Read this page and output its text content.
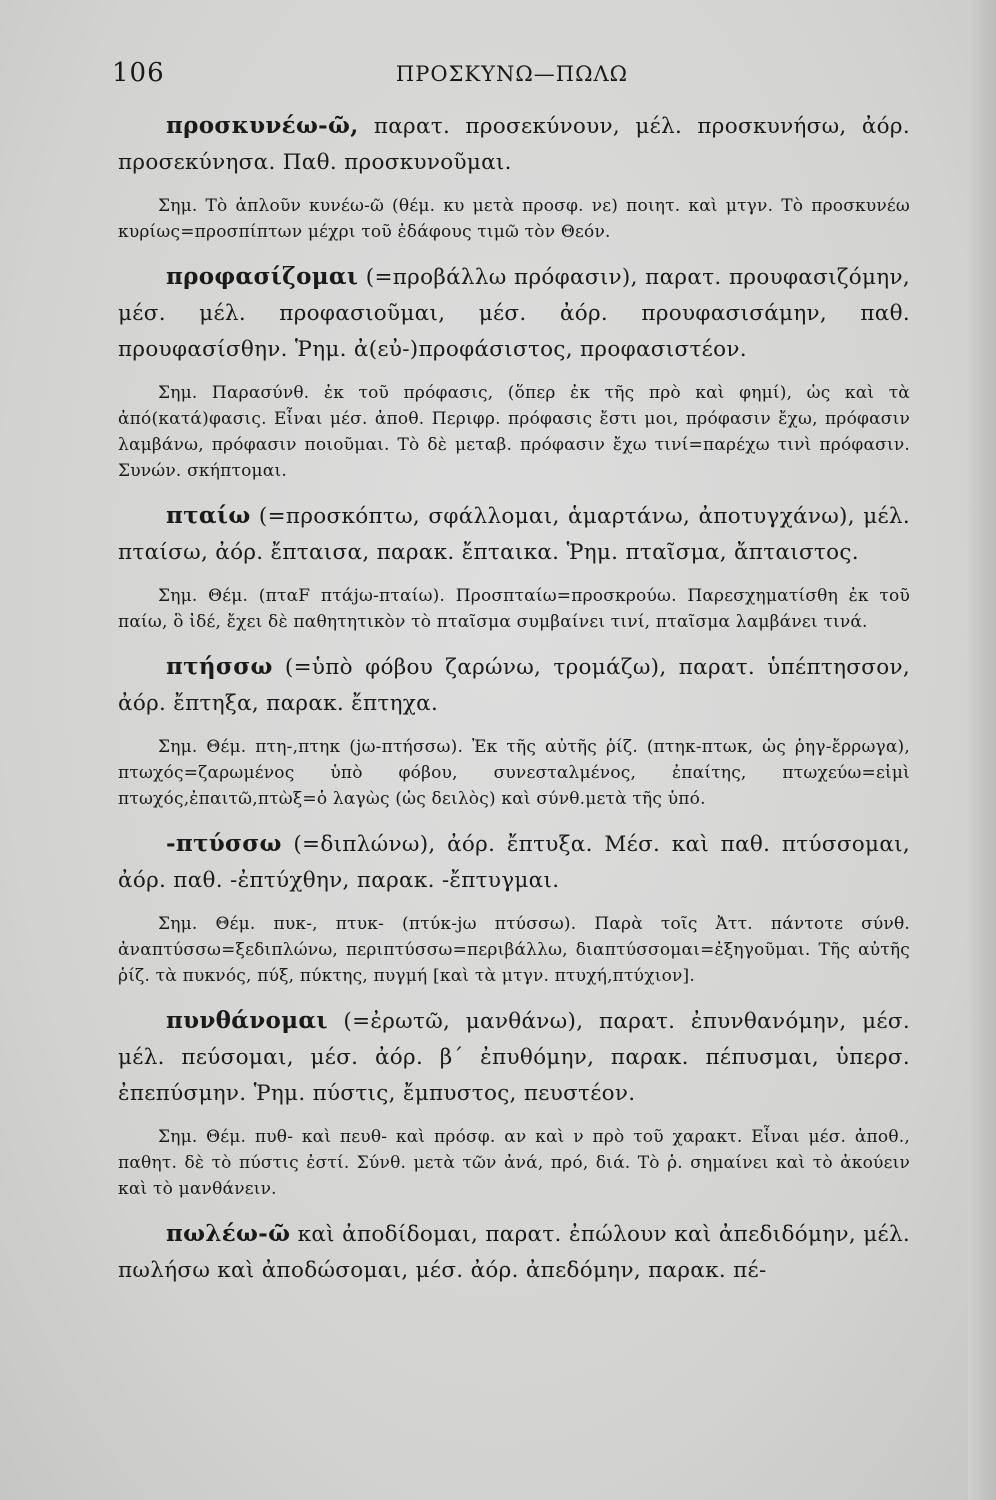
106	ΠΡΟΣΚΥΝΩ—ΠΩΛΩ

προσκυνέω-ῶ, παρατ. προσεκύνουν, μέλ. προσκυνήσω, ἀόρ. προσεκύνησα. Παθ. προσκυνοῦμαι.

Σημ. Τὸ ἁπλοῦν κυνέω-ῶ (θέμ. κυ μετὰ προσφ. νε) ποιητ. καὶ μτγν. Τὸ προσκυνέω κυρίως=προσπίπτων μέχρι τοῦ ἐδάφους τιμῶ τὸν Θεόν.

προφασίζομαι (=προβάλλω πρόφασιν), παρατ. προυφασιζόμην, μέσ. μέλ. προφασιοῦμαι, μέσ. ἀόρ. προυφασισάμην, παθ. προυφασίσθην. Ῥημ. ἀ(εὐ-)προφάσιστος, προφασιστέον.

Σημ. Παρασύνθ. ἐκ τοῦ πρόφασις, (ὅπερ ἐκ τῆς πρὸ καὶ φημί), ὡς καὶ τὰ ἀπό(κατά)φασις. Εἶναι μέσ. ἀποθ. Περιφρ. πρόφασις ἔστι μοι, πρόφασιν ἔχω, πρόφασιν λαμβάνω, πρόφασιν ποιοῦμαι. Τὸ δὲ μεταβ. πρόφασιν ἔχω τινί=παρέχω τινὶ πρόφασιν. Συνών. σκήπτομαι.

πταίω (=προσκόπτω, σφάλλομαι, ἁμαρτάνω, ἀποτυγχάνω), μέλ. πταίσω, ἀόρ. ἔπταισα, παρακ. ἔπταικα. Ῥημ. πταῖσμα, ἄπταιστος.

Σημ. Θέμ. (πταF πτάjω-πταίω). Προσπταίω=προσκρούω. Παρεσχηματίσθη ἐκ τοῦ παίω, ὃ ἰδέ, ἔχει δὲ παθητητικὸν τὸ πταῖσμα συμβαίνει τινί, πταῖσμα λαμβάνει τινά.

πτήσσω (=ὑπὸ φόβου ζαρώνω, τρομάζω), παρατ. ὑπέπτησσον, ἀόρ. ἔπτηξα, παρακ. ἔπτηχα.

Σημ. Θέμ. πτη-,πτηκ (jω-πτήσσω). Ἐκ τῆς αὐτῆς ῥίζ. (πτηκ-πτωκ, ὡς ῥηγ-ἔρρωγα), πτωχός=ζαρωμένος ὑπὸ φόβου, συνεσταλμένος, ἐπαίτης, πτωχεύω=εἰμὶ πτωχός,ἐπαιτῶ,πτὼξ=ὁ λαγὼς (ὡς δειλὸς) καὶ σύνθ.μετὰ τῆς ὑπό.

-πτύσσω (=διπλώνω), ἀόρ. ἔπτυξα. Μέσ. καὶ παθ. πτύσσομαι, ἀόρ. παθ. -ἐπτύχθην, παρακ. -ἔπτυγμαι.

Σημ. Θέμ. πυκ-, πτυκ- (πτύκ-jω πτύσσω). Παρὰ τοῖς Ἀττ. πάντοτε σύνθ. ἀναπτύσσω=ξεδιπλώνω, περιπτύσσω=περιβάλλω, διαπτύσσομαι=ἐξηγοῦμαι. Τῆς αὐτῆς ῥίζ. τὰ πυκνός, πύξ, πύκτης, πυγμή [καὶ τὰ μτγν. πτυχή,πτύχιον].

πυνθάνομαι (=ἐρωτῶ, μανθάνω), παρατ. ἐπυνθανόμην, μέσ. μέλ. πεύσομαι, μέσ. ἀόρ. β΄ ἐπυθόμην, παρακ. πέπυσμαι, ὑπερσ. ἐπεπύσμην. Ῥημ. πύστις, ἔμπυστος, πευστέον.

Σημ. Θέμ. πυθ- καὶ πευθ- καὶ πρόσφ. αν καὶ ν πρὸ τοῦ χαρακτ. Εἶναι μέσ. ἀποθ., παθητ. δὲ τὸ πύστις ἐστί. Σύνθ. μετὰ τῶν ἀνά, πρό, διά. Τὸ ῥ. σημαίνει καὶ τὸ ἀκούειν καὶ τὸ μανθάνειν.

πωλέω-ῶ καὶ ἀποδίδομαι, παρατ. ἐπώλουν καὶ ἀπεδιδόμην, μέλ. πωλήσω καὶ ἀποδώσομαι, μέσ. ἀόρ. ἀπεδόμην, παρακ. πέ-
